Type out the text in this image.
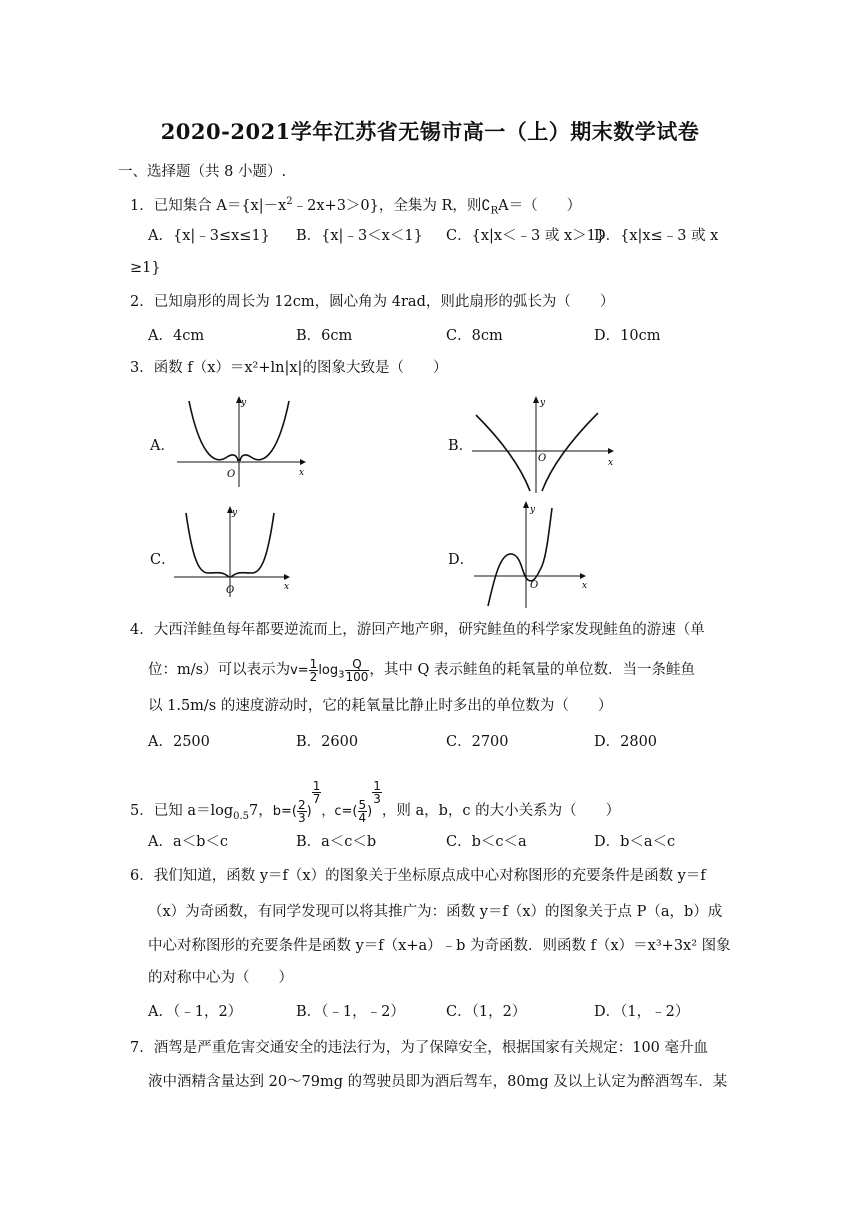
2020-2021学年江苏省无锡市高一（上）期末数学试卷
一、选择题（共 8 小题）.
1．已知集合 $A=\{x|-x^2﹣2x+3>0\}$，全集为 R，则$∁_RA=$（　　）
A．{x|﹣3≤x≤1} B．{x|﹣3＜x＜1} C．{x|x＜﹣3 或 x＞1}
D．{x|x≤﹣3 或 x
≥1}
2．已知扇形的周长为 12cm，圆心角为 4rad，则此扇形的弧长为（　　）
A．4cm	B．6cm	C．8cm	D．10cm
3．函数 f（x）＝x²+ln|x|的图象大致是（　　）
A．
y
x
O
B．
y
x
O
C．
y
x
O
D．
y
x
O
4．大西洋鲑鱼每年都要逆流而上，游回产地产卵，研究鲑鱼的科学家发现鲑鱼的游速（单
位：m/s）可以表示为$v= \frac{1}{2} \log_3 \frac{Q}{100}$ ，其中 Q 表示鲑鱼的耗氧量的单位数．当一条鲑鱼
以 1.5m/s 的速度游动时，它的耗氧量比静止时多出的单位数为（　　）
A．2500	B．2600	C．2700	D．2800
5．已知 $a=\log_{0.5}7$，$b=( \frac{2}{3}$ )
$\frac{1}{7}$
，$c=( \frac{5}{4}$ )
$\frac{1}{3}$
，则 a，b，c 的大小关系为（　　）
A．a＜b＜c	B．a＜c＜b	C．b＜c＜a	D．b＜a＜c
6．我们知道，函数 y＝f（x）的图象关于坐标原点成中心对称图形的充要条件是函数 y＝f
（x）为奇函数，有同学发现可以将其推广为：函数 y＝f（x）的图象关于点 P（a，b）成
中心对称图形的充要条件是函数 y＝f（x+a）﹣b 为奇函数．则函数 f（x）＝x³+3x² 图象
的对称中心为（　　）
A．（﹣1，2）	B．（﹣1，﹣2）	C．（1，2）	D．（1，﹣2）
7．酒驾是严重危害交通安全的违法行为，为了保障安全，根据国家有关规定：100 毫升血
液中酒精含量达到 20～79mg 的驾驶员即为酒后驾车，80mg 及以上认定为醉酒驾车．某
